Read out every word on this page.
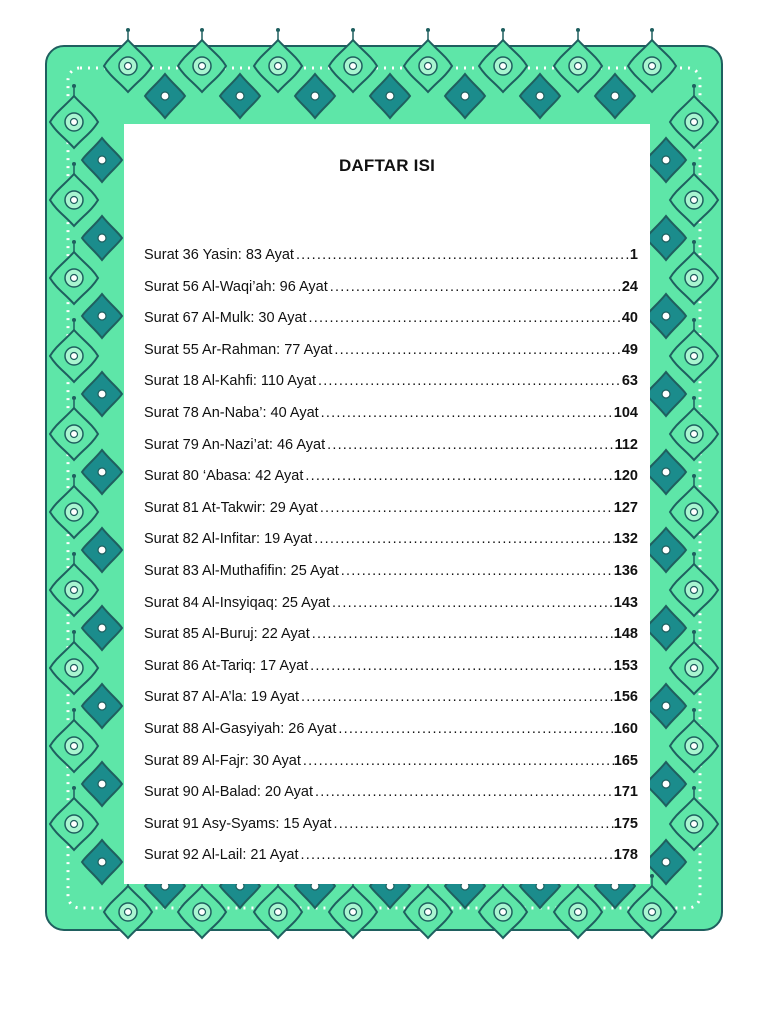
DAFTAR ISI
Surat 36 Yasin: 83 Ayat .....	1
Surat 56 Al-Waqi’ah: 96 Ayat .....	24
Surat 67 Al-Mulk: 30 Ayat .....	40
Surat 55 Ar-Rahman: 77 Ayat .....	49
Surat 18 Al-Kahfi: 110 Ayat .....	63
Surat 78 An-Naba’: 40 Ayat .....	104
Surat 79 An-Nazi’at: 46 Ayat .....	112
Surat 80 ‘Abasa: 42 Ayat .....	120
Surat 81 At-Takwir: 29 Ayat .....	127
Surat 82 Al-Infitar: 19 Ayat .....	132
Surat 83 Al-Muthafifin: 25 Ayat .....	136
Surat 84 Al-Insyiqaq: 25 Ayat .....	143
Surat 85 Al-Buruj: 22 Ayat .....	148
Surat 86 At-Tariq: 17 Ayat .....	153
Surat 87 Al-A’la: 19 Ayat .....	156
Surat 88 Al-Gasyiyah: 26 Ayat .....	160
Surat 89 Al-Fajr: 30 Ayat .....	165
Surat 90 Al-Balad: 20 Ayat .....	171
Surat 91 Asy-Syams: 15 Ayat .....	175
Surat 92 Al-Lail: 21 Ayat .....	178
